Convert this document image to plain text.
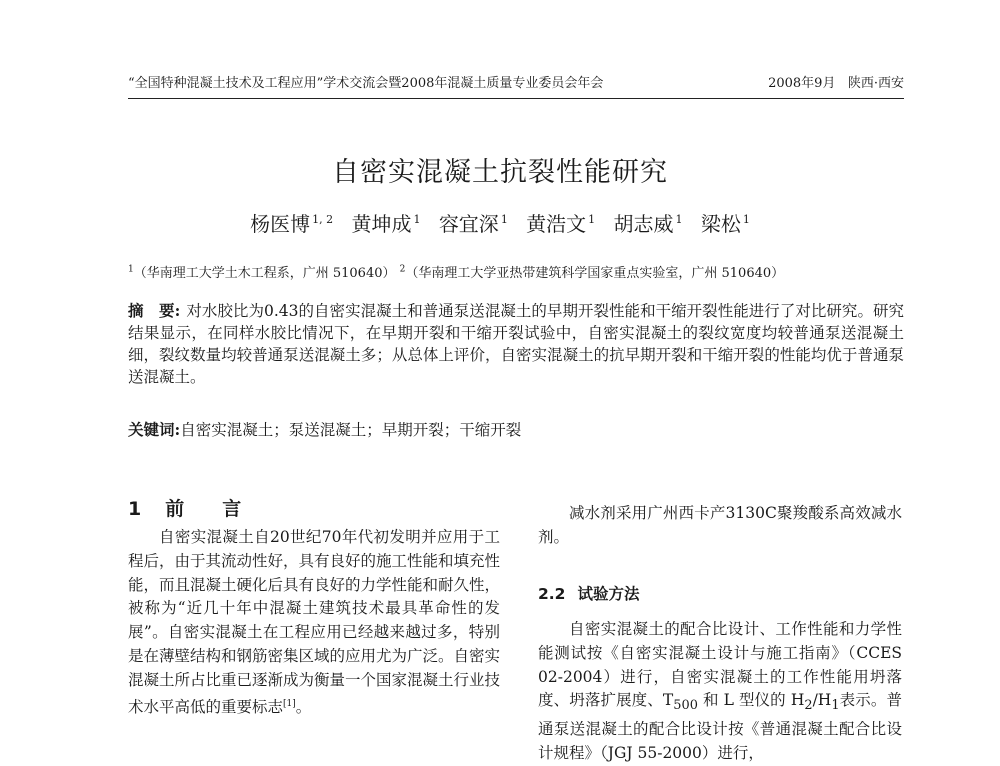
“全国特种混凝土技术及工程应用”学术交流会暨2008年混凝土质量专业委员会年会	2008年9月 陕西·西安
自密实混凝土抗裂性能研究
杨医博 $^{1, 2}$ 黄坤成 $^1$ 容宜深 $^1$ 黄浩文 $^1$ 胡志威 $^1$ 梁松 $^1$
$^1$（华南理工大学土木工程系，广州 510640） $^2$（华南理工大学亚热带建筑科学国家重点实验室，广州 510640）
摘　要: 对水胶比为0.43的自密实混凝土和普通泵送混凝土的早期开裂性能和干缩开裂性能进行了对比研究。研究结果显示，在同样水胶比情况下，在早期开裂和干缩开裂试验中，自密实混凝土的裂纹宽度均较普通泵送混凝土细，裂纹数量均较普通泵送混凝土多；从总体上评价，自密实混凝土的抗早期开裂和干缩开裂的性能均优于普通泵送混凝土。
关键词:自密实混凝土；泵送混凝土；早期开裂；干缩开裂
1 前言
自密实混凝土自20世纪70年代初发明并应用于工程后，由于其流动性好，具有良好的施工性能和填充性能，而且混凝土硬化后具有良好的力学性能和耐久性，被称为“近几十年中混凝土建筑技术最具革命性的发展”。自密实混凝土在工程应用已经越来越过多，特别是在薄壁结构和钢筋密集区域的应用尤为广泛。自密实混凝土所占比重已逐渐成为衡量一个国家混凝土行业技术水平高低的重要标志[1]。
减水剂采用广州西卡产3130C聚羧酸系高效减水剂。
2.2 试验方法
自密实混凝土的配合比设计、工作性能和力学性能测试按《自密实混凝土设计与施工指南》（CCES 02-2004）进行，自密实混凝土的工作性能用坍落度、坍落扩展度、$T_{500}$ 和 L 型仪的 $H_2/H_1$表示。普通泵送混凝土的配合比设计按《普通混凝土配合比设计规程》（JGJ 55-2000）进行，
